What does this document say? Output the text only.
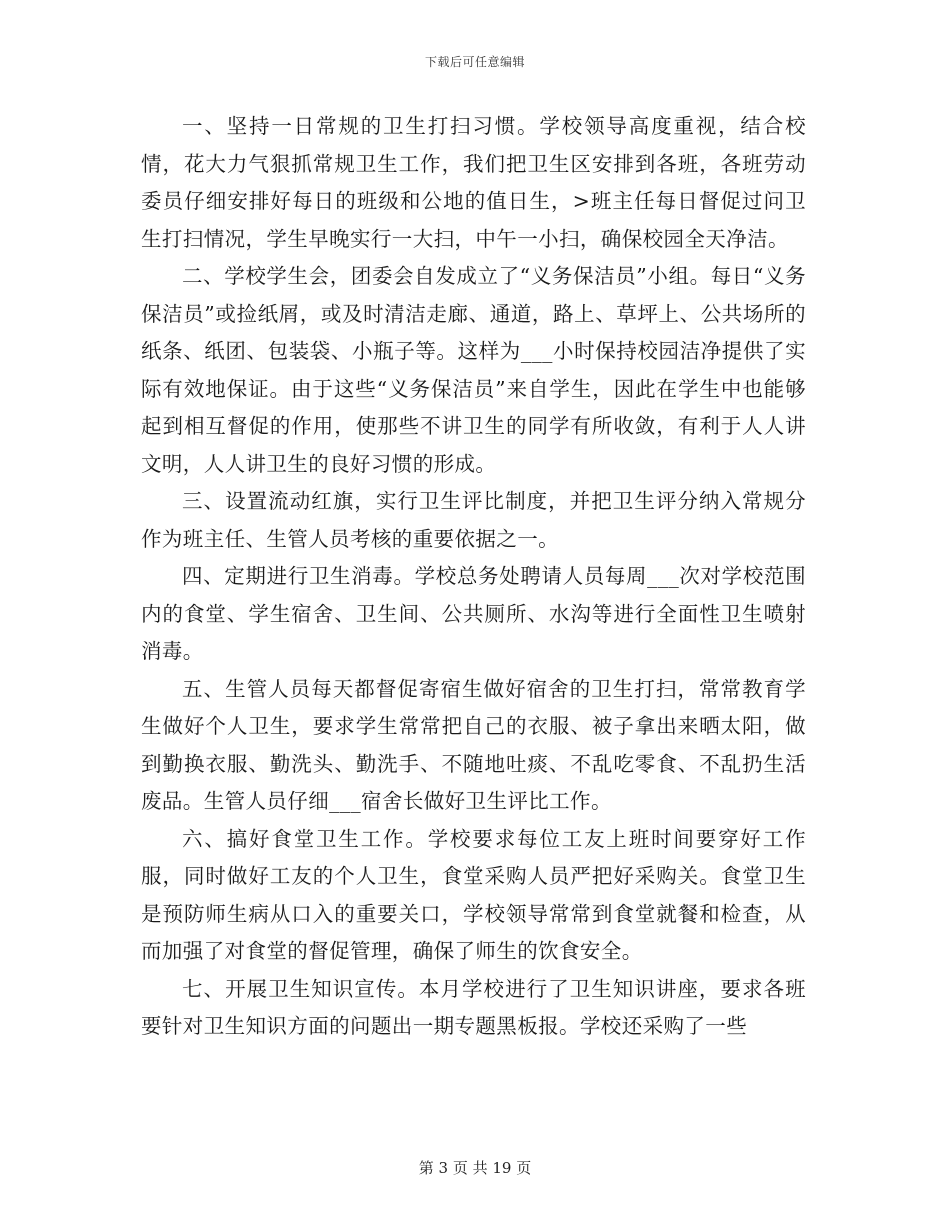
下载后可任意编辑

一、坚持一日常规的卫生打扫习惯。学校领导高度重视，结合校情，花大力气狠抓常规卫生工作，我们把卫生区安排到各班，各班劳动委员仔细安排好每日的班级和公地的值日生，>班主任每日督促过问卫生打扫情况，学生早晚实行一大扫，中午一小扫，确保校园全天净洁。

二、学校学生会，团委会自发成立了“义务保洁员”小组。每日“义务保洁员”或捡纸屑，或及时清洁走廊、通道，路上、草坪上、公共场所的纸条、纸团、包装袋、小瓶子等。这样为___小时保持校园洁净提供了实际有效地保证。由于这些“义务保洁员”来自学生，因此在学生中也能够起到相互督促的作用，使那些不讲卫生的同学有所收敛，有利于人人讲文明，人人讲卫生的良好习惯的形成。

三、设置流动红旗，实行卫生评比制度，并把卫生评分纳入常规分作为班主任、生管人员考核的重要依据之一。

四、定期进行卫生消毒。学校总务处聘请人员每周___次对学校范围内的食堂、学生宿舍、卫生间、公共厕所、水沟等进行全面性卫生喷射消毒。

五、生管人员每天都督促寄宿生做好宿舍的卫生打扫，常常教育学生做好个人卫生，要求学生常常把自己的衣服、被子拿出来晒太阳，做到勤换衣服、勤洗头、勤洗手、不随地吐痰、不乱吃零食、不乱扔生活废品。生管人员仔细___宿舍长做好卫生评比工作。

六、搞好食堂卫生工作。学校要求每位工友上班时间要穿好工作服，同时做好工友的个人卫生，食堂采购人员严把好采购关。食堂卫生是预防师生病从口入的重要关口，学校领导常常到食堂就餐和检查，从而加强了对食堂的督促管理，确保了师生的饮食安全。

七、开展卫生知识宣传。本月学校进行了卫生知识讲座，要求各班要针对卫生知识方面的问题出一期专题黑板报。学校还采购了一些

第 3 页 共 19 页
